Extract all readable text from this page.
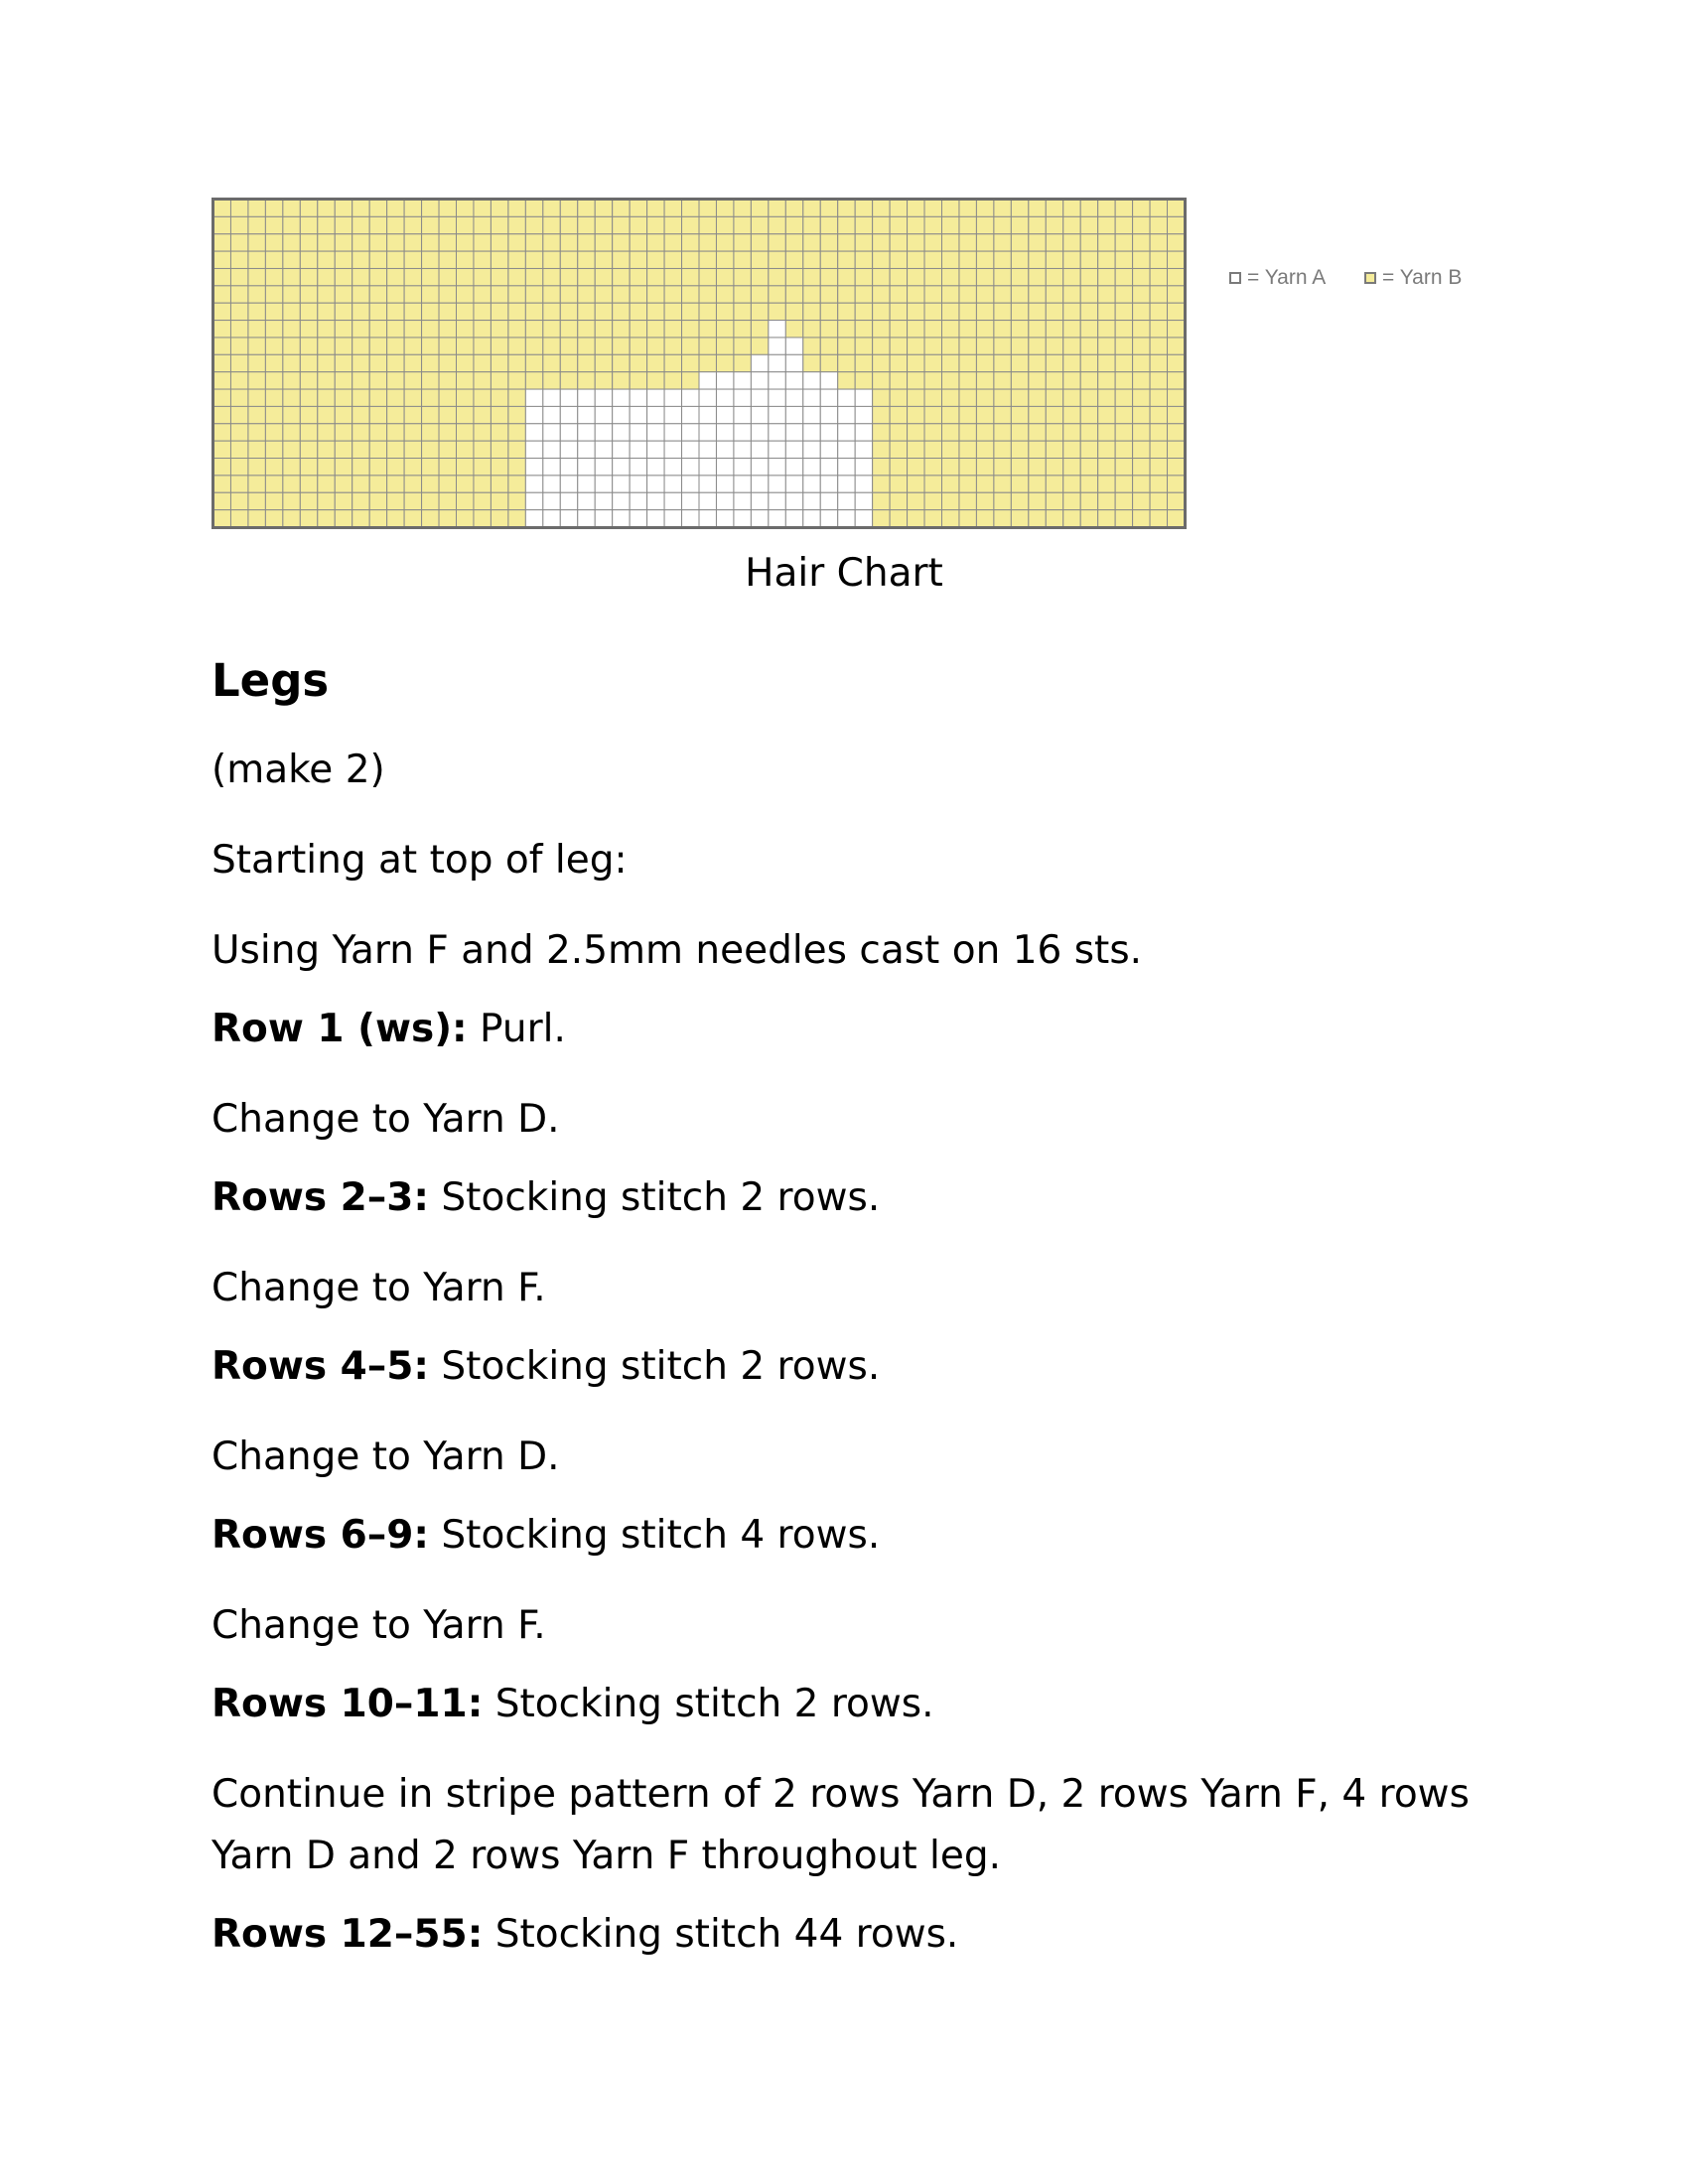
= Yarn A	= Yarn B
Hair Chart
Legs

(make 2)

Starting at top of leg:

Using Yarn F and 2.5mm needles cast on 16 sts.

Row 1 (ws): Purl.

Change to Yarn D.

Rows 2–3: Stocking stitch 2 rows.

Change to Yarn F.

Rows 4–5: Stocking stitch 2 rows.

Change to Yarn D.

Rows 6–9: Stocking stitch 4 rows.

Change to Yarn F.

Rows 10–11: Stocking stitch 2 rows.

Continue in stripe pattern of 2 rows Yarn D, 2 rows Yarn F, 4 rows Yarn D and 2 rows Yarn F throughout leg.

Rows 12–55: Stocking stitch 44 rows.
